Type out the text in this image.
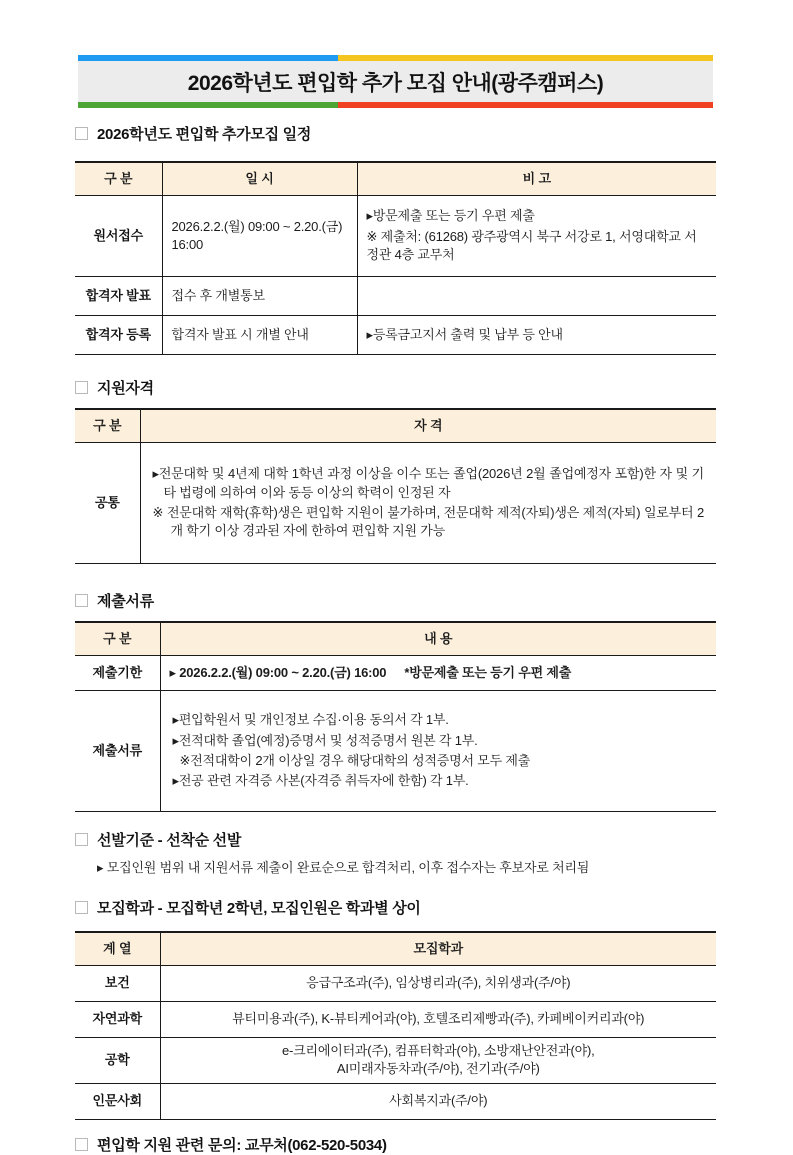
2026학년도 편입학 추가 모집 안내(광주캠퍼스)
2026학년도 편입학 추가모집 일정
구 분	일 시	비 고
원서접수	2026.2.2.(월) 09:00 ~ 2.20.(금) 16:00	▸방문제출 또는 등기 우편 제출
※ 제출처: (61268) 광주광역시 북구 서강로 1, 서영대학교 서정관 4층 교무처

합격자 발표	접수 후 개별통보	
합격자 등록	합격자 발표 시 개별 안내	▸등록금고지서 출력 및 납부 등 안내
지원자격
구 분	자 격
공통	▸전문대학 및 4년제 대학 1학년 과정 이상을 이수 또는 졸업(2026년 2월 졸업예정자 포함)한 자 및 기타 법령에 의하여 이와 동등 이상의 학력이 인정된 자
※ 전문대학 재학(휴학)생은 편입학 지원이 불가하며, 전문대학 제적(자퇴)생은 제적(자퇴) 일로부터 2개 학기 이상 경과된 자에 한하여 편입학 지원 가능
제출서류
구 분	내 용
제출기한	▸ 2026.2.2.(월) 09:00 ~ 2.20.(금) 16:00 *방문제출 또는 등기 우편 제출
제출서류	▸편입학원서 및 개인정보 수집·이용 동의서 각 1부.
▸전적대학 졸업(예정)증명서 및 성적증명서 원본 각 1부.
※전적대학이 2개 이상일 경우 해당대학의 성적증명서 모두 제출
▸전공 관련 자격증 사본(자격증 취득자에 한함) 각 1부.
선발기준 - 선착순 선발
▸ 모집인원 범위 내 지원서류 제출이 완료순으로 합격처리, 이후 접수자는 후보자로 처리됨
모집학과 - 모집학년 2학년, 모집인원은 학과별 상이
계 열	모집학과
보건	응급구조과(주), 임상병리과(주), 치위생과(주/야)
자연과학	뷰티미용과(주), K-뷰티케어과(야), 호텔조리제빵과(주), 카페베이커리과(야)
공학	e-크리에이터과(주), 컴퓨터학과(야), 소방재난안전과(야),
AI미래자동차과(주/야), 전기과(주/야)

인문사회	사회복지과(주/야)
편입학 지원 관련 문의: 교무처(062-520-5034)
